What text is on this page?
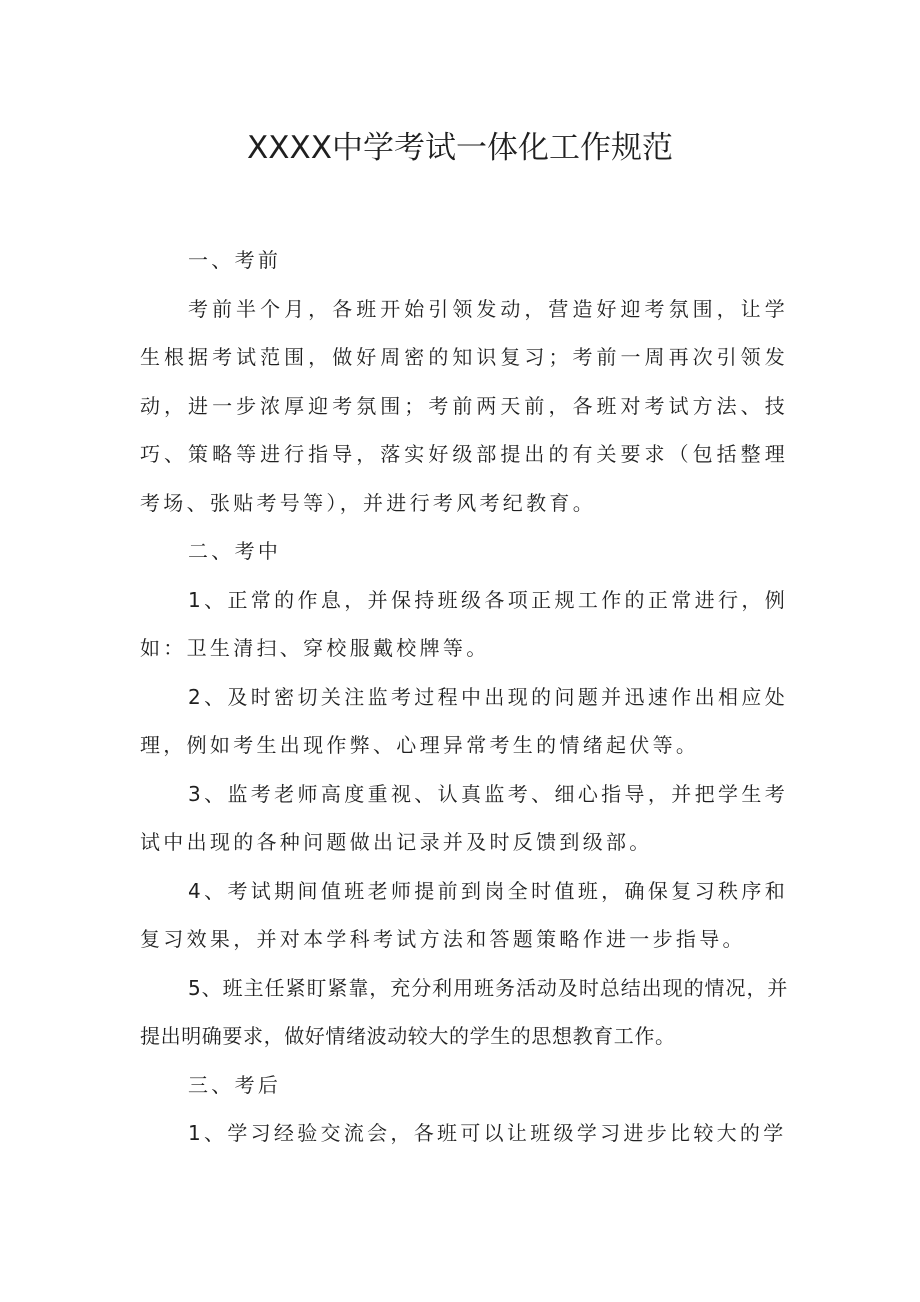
XXXX中学考试一体化工作规范

一、考前

考前半个月，各班开始引领发动，营造好迎考氛围，让学生根据考试范围，做好周密的知识复习；考前一周再次引领发动，进一步浓厚迎考氛围；考前两天前，各班对考试方法、技巧、策略等进行指导，落实好级部提出的有关要求（包括整理考场、张贴考号等），并进行考风考纪教育。

二、考中

1、正常的作息，并保持班级各项正规工作的正常进行，例如：卫生清扫、穿校服戴校牌等。

2、及时密切关注监考过程中出现的问题并迅速作出相应处理，例如考生出现作弊、心理异常考生的情绪起伏等。

3、监考老师高度重视、认真监考、细心指导，并把学生考试中出现的各种问题做出记录并及时反馈到级部。

4、考试期间值班老师提前到岗全时值班，确保复习秩序和复习效果，并对本学科考试方法和答题策略作进一步指导。

5、班主任紧盯紧靠，充分利用班务活动及时总结出现的情况，并提出明确要求，做好情绪波动较大的学生的思想教育工作。

三、考后

1、学习经验交流会，各班可以让班级学习进步比较大的学
